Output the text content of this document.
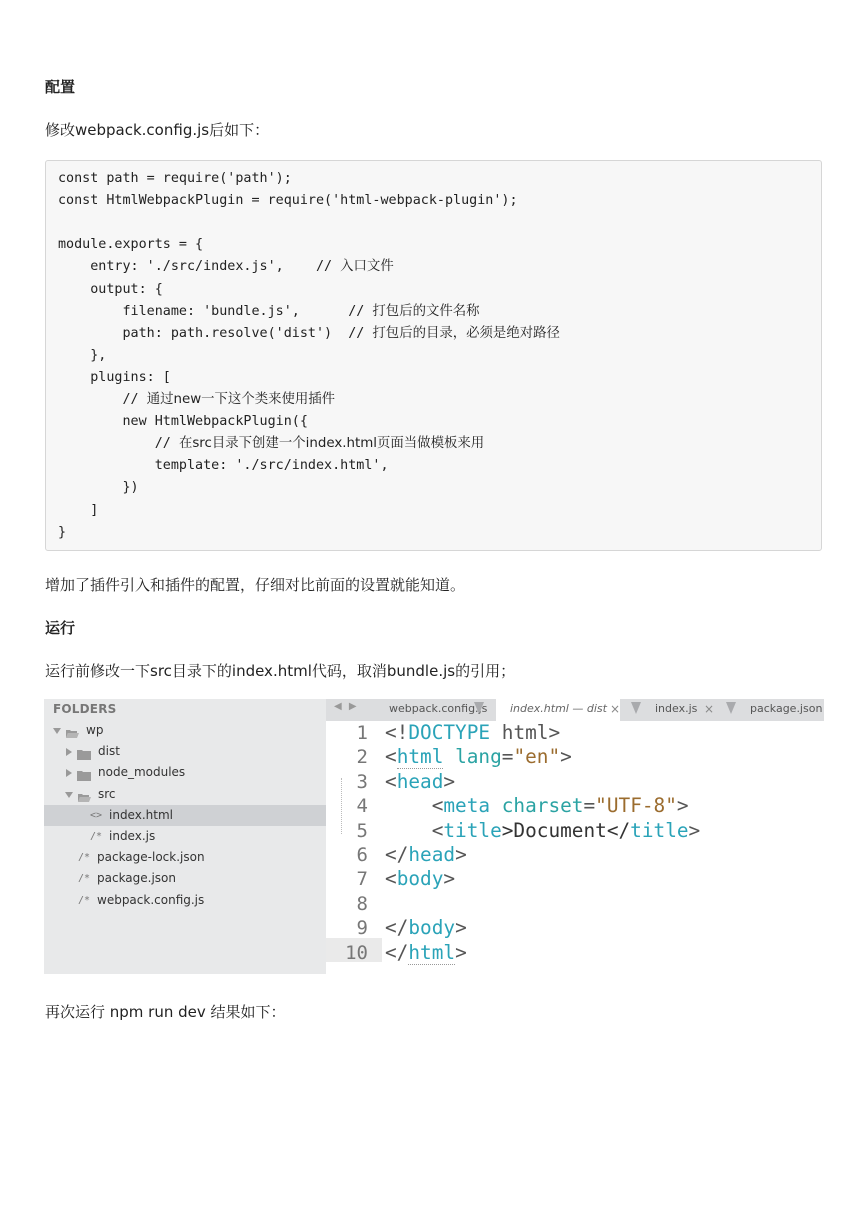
配置
修改webpack.config.js后如下：
const path = require('path');
const HtmlWebpackPlugin = require('html-webpack-plugin');
module.exports = {
entry: './src/index.js',    // 入口文件
output: {
filename: 'bundle.js',      // 打包后的文件名称
path: path.resolve('dist')  // 打包后的目录，必须是绝对路径
},
plugins: [
// 通过new一下这个类来使用插件
new HtmlWebpackPlugin({
// 在src目录下创建一个index.html页面当做模板来用
template: './src/index.html',
})
]
}
增加了插件引入和插件的配置，仔细对比前面的设置就能知道。
运行
运行前修改一下src目录下的index.html代码，取消bundle.js的引用；
FOLDERS
wp
dist
node_modules
src
<> index.html
/* index.js
/* package-lock.json
/* package.json
/* webpack.config.js
◀ ▶	webpack.config.js	index.html — dist ×	index.js ×	package.json
1
2
3
4
5
6
7
8
9
10
<!DOCTYPE html>
<html lang="en">
<head>
<meta charset="UTF-8">
<title>Document</title>
</head>
<body>
</body>
</html>
再次运行 npm run dev 结果如下：
